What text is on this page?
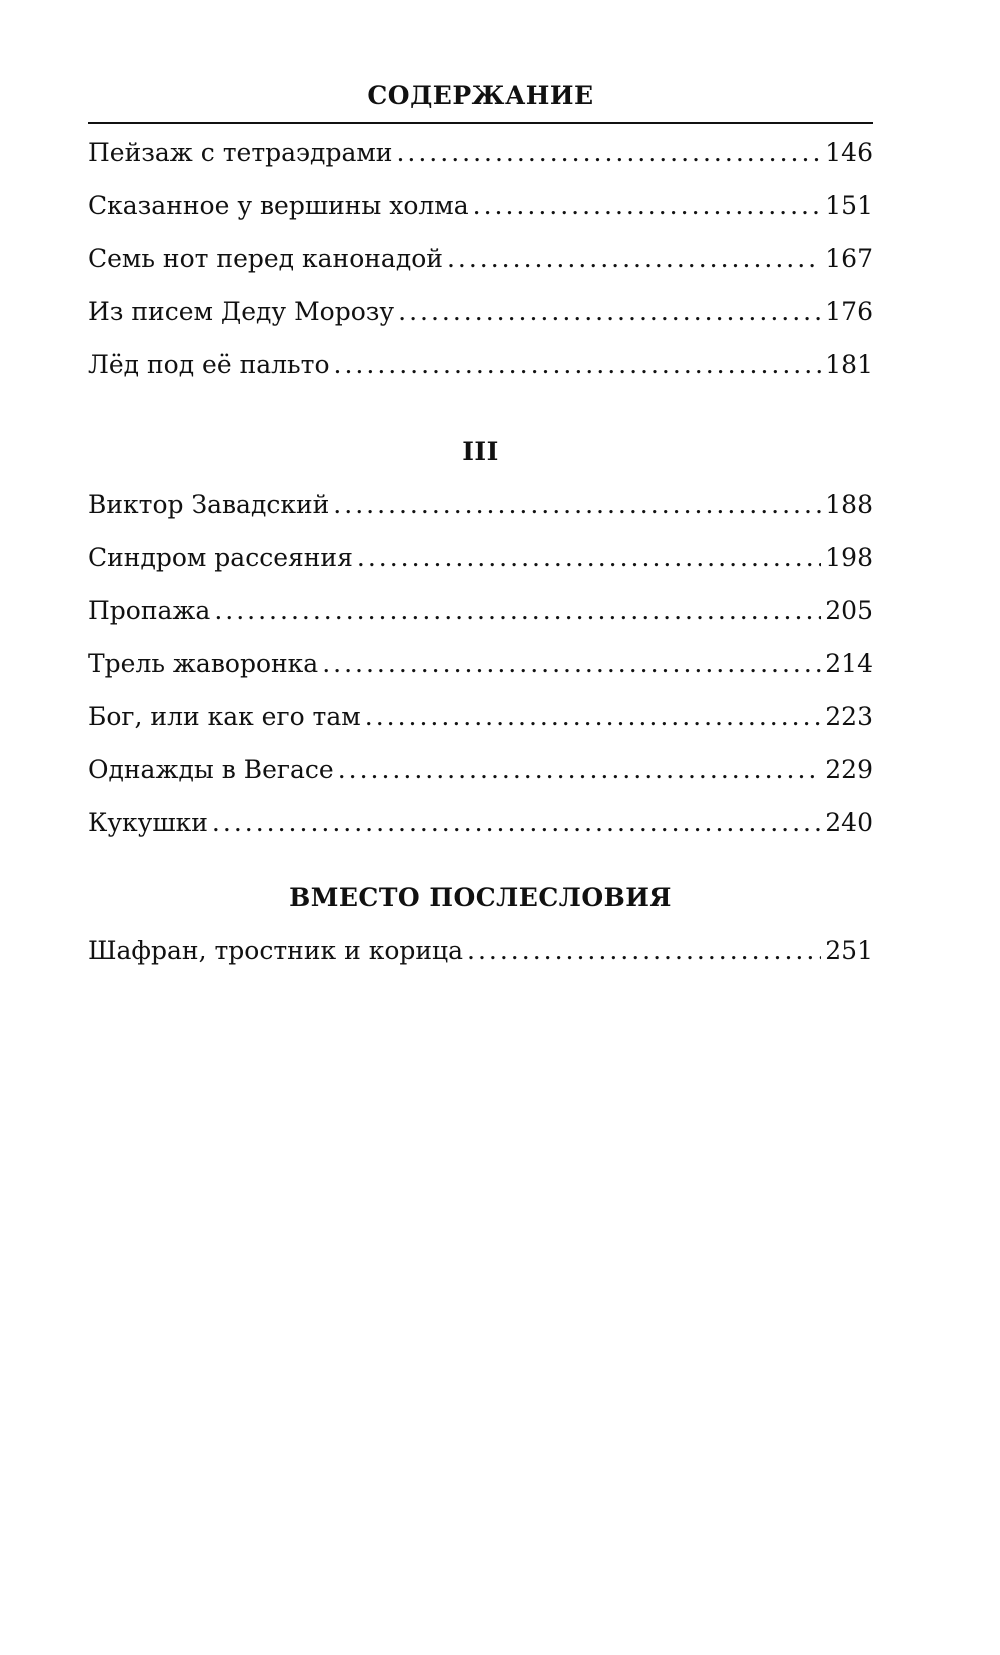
СОДЕРЖАНИЕ
Пейзаж с тетраэдрами .....	146
Сказанное у вершины холма .....	151
Семь нот перед канонадой .....	167
Из писем Деду Морозу .....	176
Лёд под её пальто .....	181
III
Виктор Завадский .....	188
Синдром рассеяния .....	198
Пропажа .....	205
Трель жаворонка .....	214
Бог, или как его там .....	223
Однажды в Вегасе .....	229
Кукушки .....	240
ВМЕСТО ПОСЛЕСЛОВИЯ
Шафран, тростник и корица .....	251
